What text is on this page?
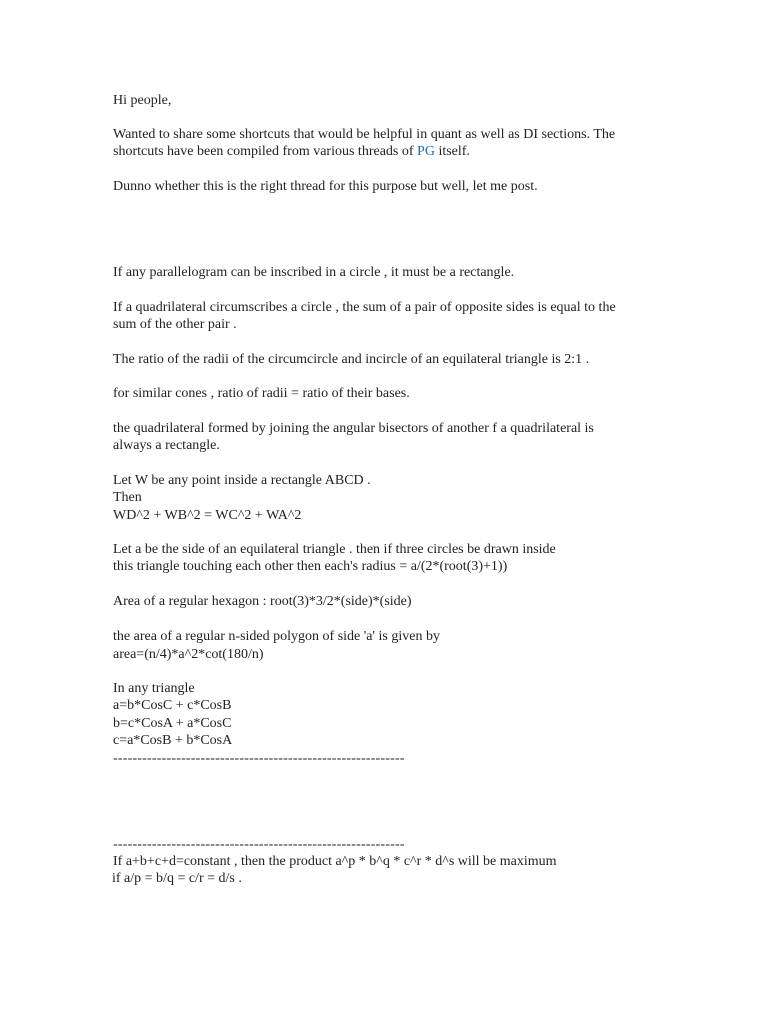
Hi people,

Wanted to share some shortcuts that would be helpful in quant as well as DI sections. The

shortcuts have been compiled from various threads of PG itself.

Dunno whether this is the right thread for this purpose but well, let me post.

If any parallelogram can be inscribed in a circle , it must be a rectangle.

If a quadrilateral circumscribes a circle , the sum of a pair of opposite sides is equal to the

sum of the other pair .

The ratio of the radii of the circumcircle and incircle of an equilateral triangle is 2:1 .

for similar cones , ratio of radii = ratio of their bases.

the quadrilateral formed by joining the angular bisectors of another f a quadrilateral is

always a rectangle.

Let W be any point inside a rectangle ABCD .

Then

WD^2 + WB^2 = WC^2 + WA^2

Let a be the side of an equilateral triangle . then if three circles be drawn inside

this triangle touching each other then each's radius = a/(2*(root(3)+1))

Area of a regular hexagon : root(3)*3/2*(side)*(side)

the area of a regular n-sided polygon of side 'a' is given by

area=(n/4)*a^2*cot(180/n)

In any triangle

a=b*CosC + c*CosB

b=c*CosA + a*CosC

c=a*CosB + b*CosA

------------------------------------------------------------

------------------------------------------------------------

If a+b+c+d=constant , then the product a^p * b^q * c^r * d^s will be maximum

if a/p = b/q = c/r = d/s .
